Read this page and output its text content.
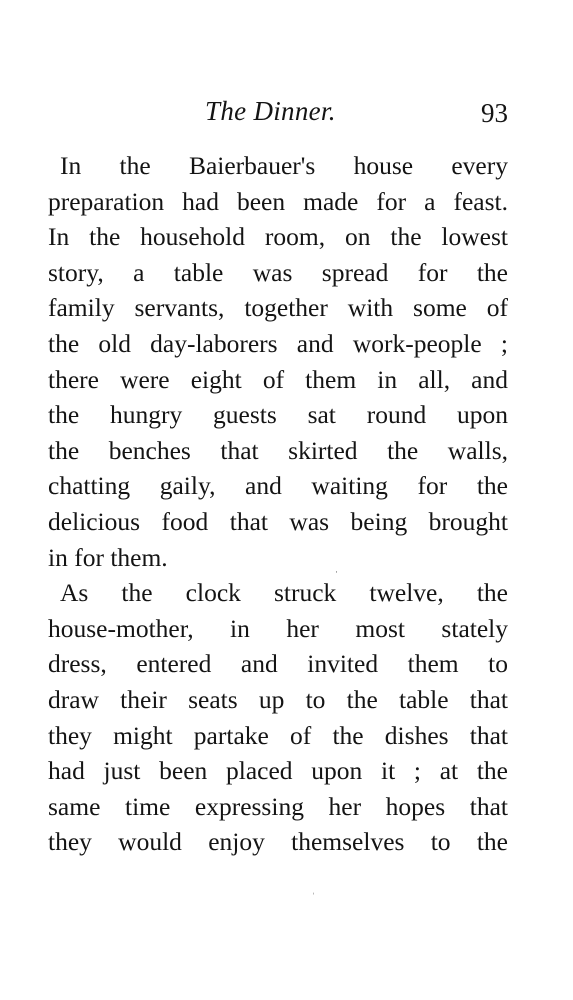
The Dinner.	93
In the Baierbauer's house every
preparation had been made for a feast.
In the household room, on the lowest
story, a table was spread for the
family servants, together with some of
the old day-laborers and work-people ;
there were eight of them in all, and
the hungry guests sat round upon
the benches that skirted the walls,
chatting gaily, and waiting for the
delicious food that was being brought
in for them.
As the clock struck twelve, the
house-mother, in her most stately
dress, entered and invited them to
draw their seats up to the table that
they might partake of the dishes that
had just been placed upon it ; at the
same time expressing her hopes that
they would enjoy themselves to the
·
˒
